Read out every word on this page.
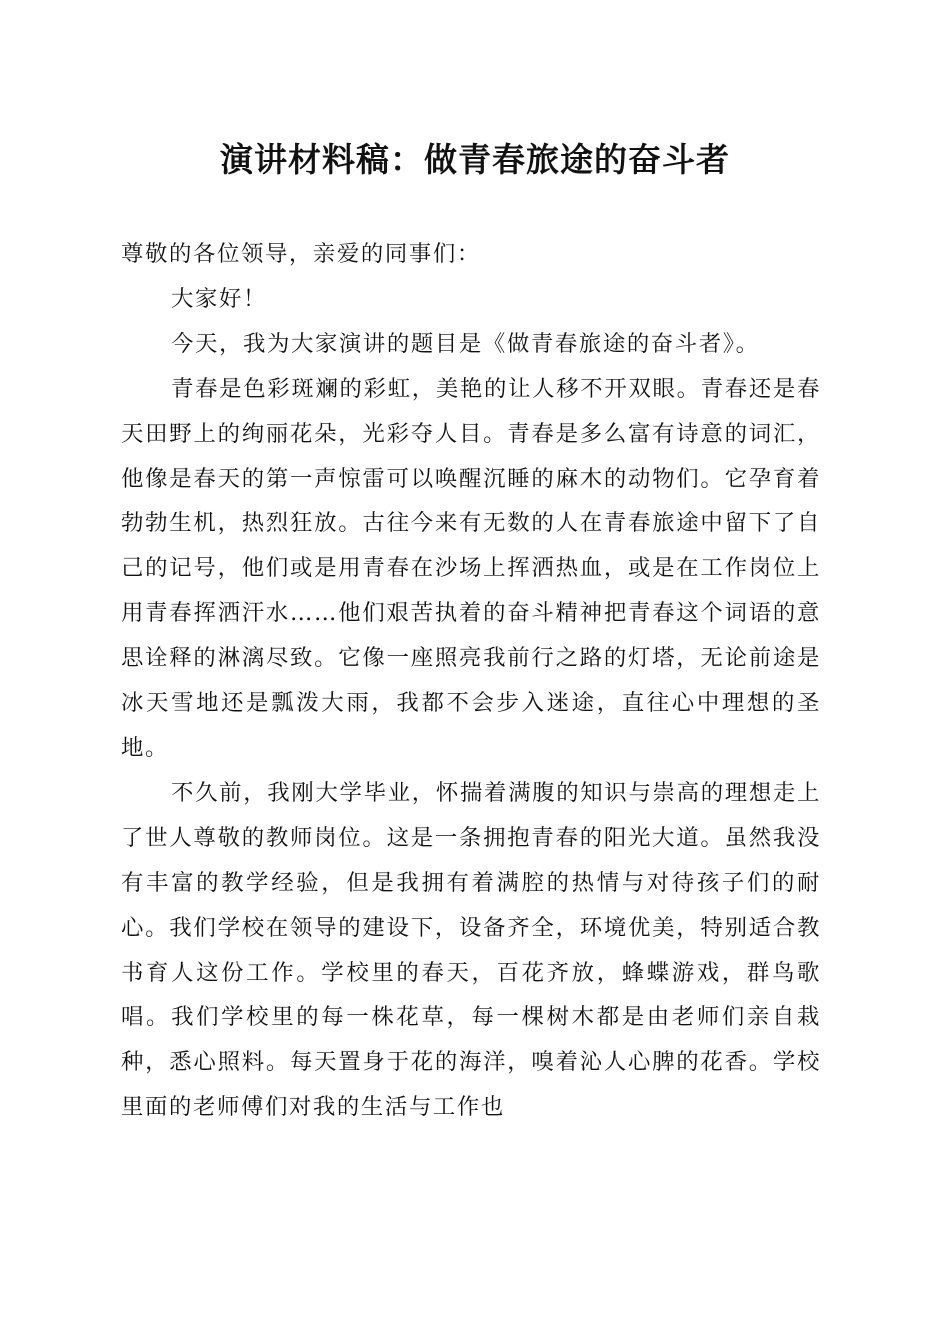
演讲材料稿：做青春旅途的奋斗者

尊敬的各位领导，亲爱的同事们：

大家好！

今天，我为大家演讲的题目是《做青春旅途的奋斗者》。

青春是色彩斑斓的彩虹，美艳的让人移不开双眼。青春还是春天田野上的绚丽花朵，光彩夺人目。青春是多么富有诗意的词汇，他像是春天的第一声惊雷可以唤醒沉睡的麻木的动物们。它孕育着勃勃生机，热烈狂放。古往今来有无数的人在青春旅途中留下了自己的记号，他们或是用青春在沙场上挥洒热血，或是在工作岗位上用青春挥洒汗水……他们艰苦执着的奋斗精神把青春这个词语的意思诠释的淋漓尽致。它像一座照亮我前行之路的灯塔，无论前途是冰天雪地还是瓢泼大雨，我都不会步入迷途，直往心中理想的圣地。

不久前，我刚大学毕业，怀揣着满腹的知识与崇高的理想走上了世人尊敬的教师岗位。这是一条拥抱青春的阳光大道。虽然我没有丰富的教学经验，但是我拥有着满腔的热情与对待孩子们的耐心。我们学校在领导的建设下，设备齐全，环境优美，特别适合教书育人这份工作。学校里的春天，百花齐放，蜂蝶游戏，群鸟歌唱。我们学校里的每一株花草，每一棵树木都是由老师们亲自栽种，悉心照料。每天置身于花的海洋，嗅着沁人心脾的花香。学校里面的老师傅们对我的生活与工作也
